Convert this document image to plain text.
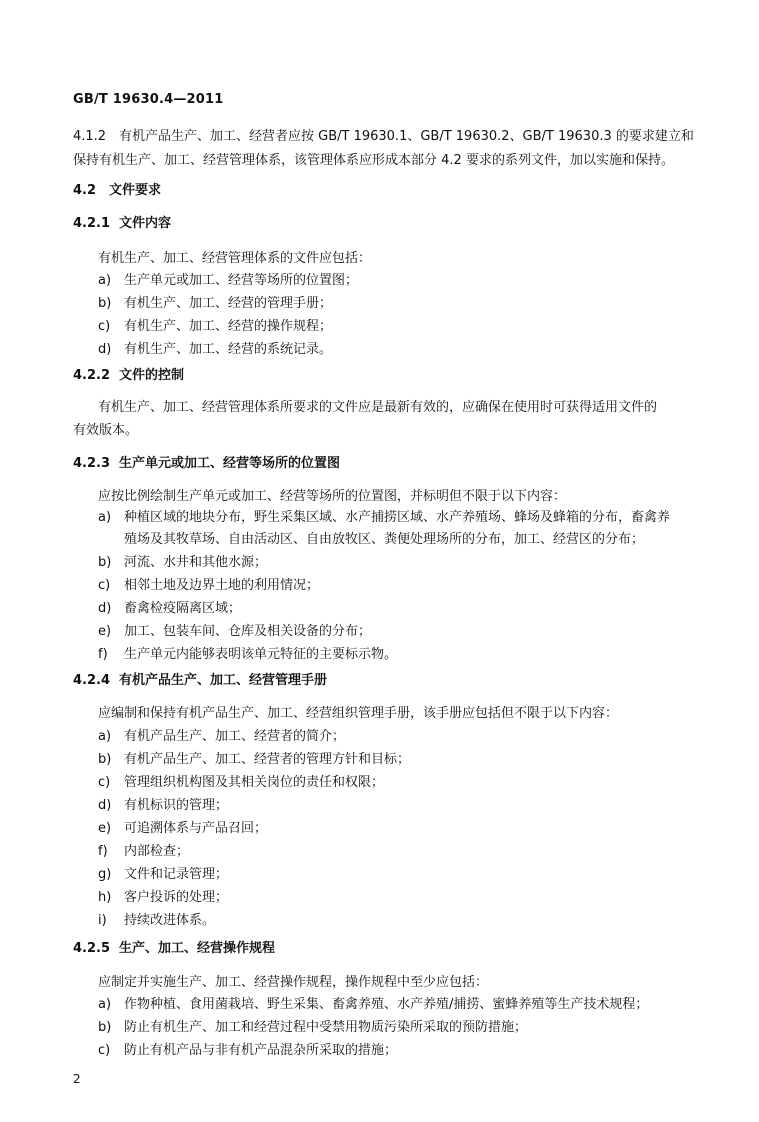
GB/T 19630.4—2011
4.1.2 有机产品生产、加工、经营者应按 GB/T 19630.1、GB/T 19630.2、GB/T 19630.3 的要求建立和
保持有机生产、加工、经营管理体系，该管理体系应形成本部分 4.2 要求的系列文件，加以实施和保持。
4.2 文件要求
4.2.1 文件内容
有机生产、加工、经营管理体系的文件应包括：
a) 生产单元或加工、经营等场所的位置图；
b) 有机生产、加工、经营的管理手册；
c) 有机生产、加工、经营的操作规程；
d) 有机生产、加工、经营的系统记录。
4.2.2 文件的控制
有机生产、加工、经营管理体系所要求的文件应是最新有效的，应确保在使用时可获得适用文件的
有效版本。
4.2.3 生产单元或加工、经营等场所的位置图
应按比例绘制生产单元或加工、经营等场所的位置图，并标明但不限于以下内容：
a) 种植区域的地块分布，野生采集区域、水产捕捞区域、水产养殖场、蜂场及蜂箱的分布，畜禽养
殖场及其牧草场、自由活动区、自由放牧区、粪便处理场所的分布，加工、经营区的分布；
b) 河流、水井和其他水源；
c) 相邻土地及边界土地的利用情况；
d) 畜禽检疫隔离区域；
e) 加工、包装车间、仓库及相关设备的分布；
f) 生产单元内能够表明该单元特征的主要标示物。
4.2.4 有机产品生产、加工、经营管理手册
应编制和保持有机产品生产、加工、经营组织管理手册，该手册应包括但不限于以下内容：
a) 有机产品生产、加工、经营者的简介；
b) 有机产品生产、加工、经营者的管理方针和目标；
c) 管理组织机构图及其相关岗位的责任和权限；
d) 有机标识的管理；
e) 可追溯体系与产品召回；
f) 内部检查；
g) 文件和记录管理；
h) 客户投诉的处理；
i) 持续改进体系。
4.2.5 生产、加工、经营操作规程
应制定并实施生产、加工、经营操作规程，操作规程中至少应包括：
a) 作物种植、食用菌栽培、野生采集、畜禽养殖、水产养殖/捕捞、蜜蜂养殖等生产技术规程；
b) 防止有机生产、加工和经营过程中受禁用物质污染所采取的预防措施；
c) 防止有机产品与非有机产品混杂所采取的措施；
2
